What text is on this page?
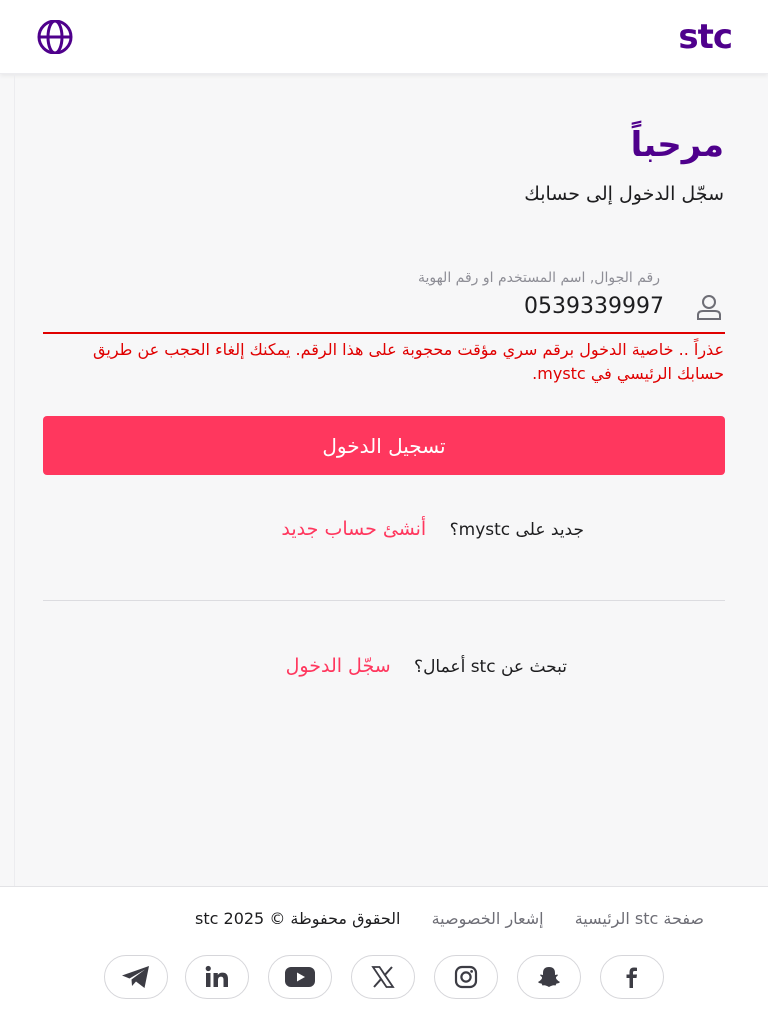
stc
مرحباً
سجّل الدخول إلى حسابك
رقم الجوال, اسم المستخدم او رقم الهوية
0539339997
عذراً .. خاصية الدخول برقم سري مؤقت محجوبة على هذا الرقم. يمكنك إلغاء الحجب عن طريق حسابك الرئيسي في mystc.
تسجيل الدخول
جديد على mystc؟ أنشئ حساب جديد
تبحث عن stc أعمال؟ سجّل الدخول
صفحة stc الرئيسية إشعار الخصوصية الحقوق محفوظة © 2025 stc
